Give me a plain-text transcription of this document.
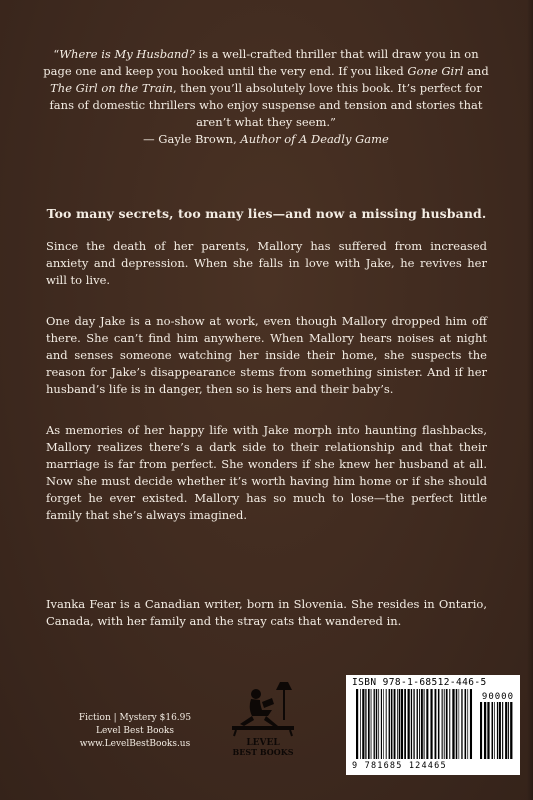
“Where is My Husband? is a well-crafted thriller that will draw you in on page one and keep you hooked until the very end. If you liked Gone Girl and The Girl on the Train, then you’ll absolutely love this book. It’s perfect for fans of domestic thrillers who enjoy suspense and tension and stories that aren’t what they seem.”
— Gayle Brown, Author of A Deadly Game
Too many secrets, too many lies—and now a missing husband.

Since the death of her parents, Mallory has suffered from increased anxiety and depression. When she falls in love with Jake, he revives her will to live.

One day Jake is a no-show at work, even though Mallory dropped him off there. She can’t find him anywhere. When Mallory hears noises at night and senses someone watching her inside their home, she suspects the reason for Jake’s disappearance stems from something sinister. And if her husband’s life is in danger, then so is hers and their baby’s.

As memories of her happy life with Jake morph into haunting flashbacks, Mallory realizes there’s a dark side to their relationship and that their marriage is far from perfect. She wonders if she knew her husband at all. Now she must decide whether it’s worth having him home or if she should forget he ever existed. Mallory has so much to lose—the perfect little family that she’s always imagined.

Ivanka Fear is a Canadian writer, born in Slovenia. She resides in Ontario, Canada, with her family and the stray cats that wandered in.

Fiction | Mystery $16.95
Level Best Books
www.LevelBestBooks.us	LEVEL
BEST BOOKS
ISBN 978-1-68512-446-5
90000
9 781685 124465
